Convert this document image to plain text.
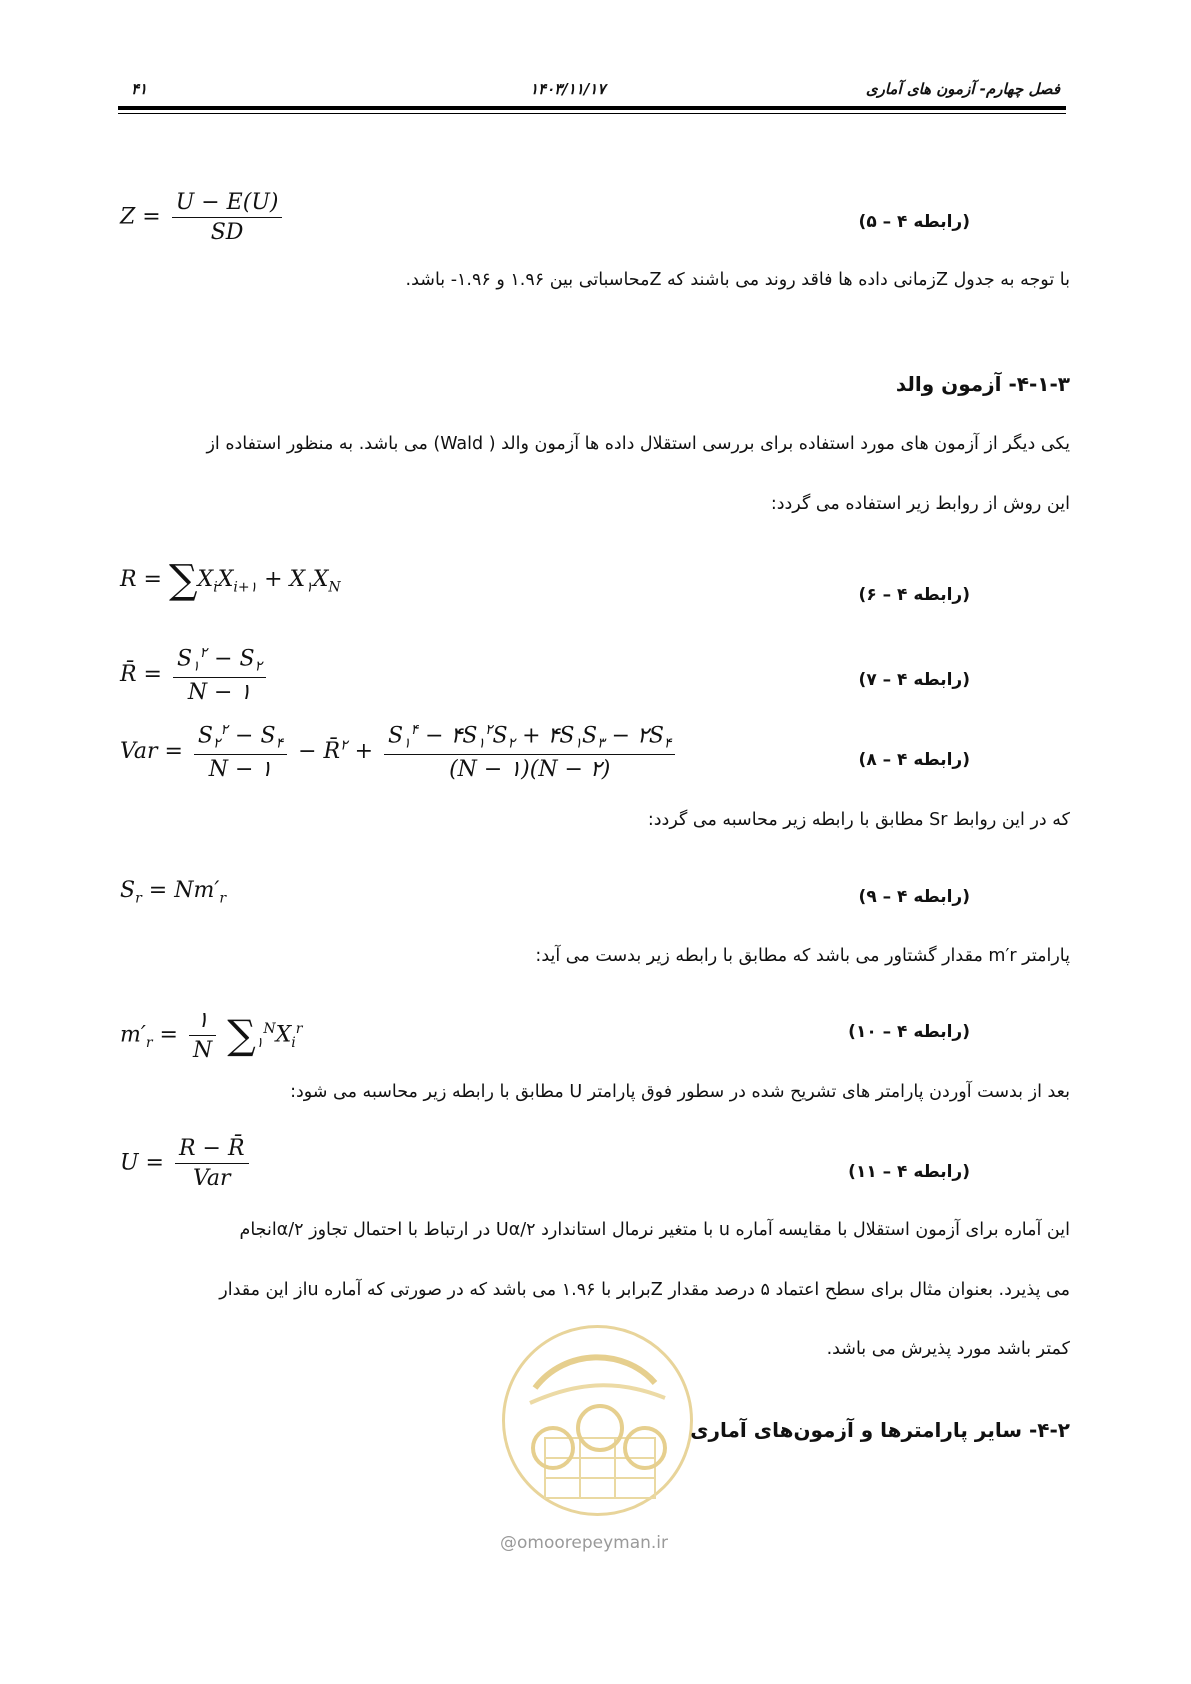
فصل چهارم- آزمون های آماری
۱۴۰۳/۱۱/۱۷
۴۱
$Z = \frac{U - E(U)}{SD}$	(رابطه ۴ – ۵)
با توجه به جدول Zزمانی داده ها فاقد روند می باشند که Zمحاسباتی بین ۱.۹۶ و ۱.۹۶- باشد.
۴-۱-۳- آزمون والد
یکی دیگر از آزمون های مورد استفاده برای بررسی استقلال داده ها آزمون والد ( Wald) می باشد. به منظور استفاده از
این روش از روابط زیر استفاده می گردد:
$R = \sum X_iX_{i+۱} + X_۱X_N$	(رابطه ۴ – ۶)
R̄ = $\frac{S_۱^۲ - S_۲}{N - ۱}$	(رابطه ۴ – ۷)
Var = $\frac{S_۲^۲ - S_۴}{N - ۱}$ − R̄$^۲$ + $\frac{S_۱^۴ - ۴S_۱^۲S_۲ + ۴S_۱S_۳ - ۲S_۴}{(N - ۱)(N - ۲)}$	(رابطه ۴ – ۸)
که در این روابط Sr مطابق با رابطه زیر محاسبه می گردد:
$S_r = Nm'_r$	(رابطه ۴ – ۹)
پارامتر m′r مقدار گشتاور می باشد که مطابق با رابطه زیر بدست می آید:
$m'_r = \frac{۱}{N} \sum_۱^NX_i^r$	(رابطه ۴ – ۱۰)
بعد از بدست آوردن پارامتر های تشریح شده در سطور فوق پارامتر U مطابق با رابطه زیر محاسبه می شود:
$U = \frac{R - R̄}{\text{Var}}$	(رابطه ۴ – ۱۱)
این آماره برای آزمون استقلال با مقایسه آماره u با متغیر نرمال استاندارد Uα/۲ در ارتباط با احتمال تجاوز α/۲انجام
می پذیرد. بعنوان مثال برای سطح اعتماد ۵ درصد مقدار Zبرابر با ۱.۹۶ می باشد که در صورتی که آماره uاز این مقدار
کمتر باشد مورد پذیرش می باشد.
۴-۲- سایر پارامترها و آزمون‌های آماری
@omoorepeyman.ir
